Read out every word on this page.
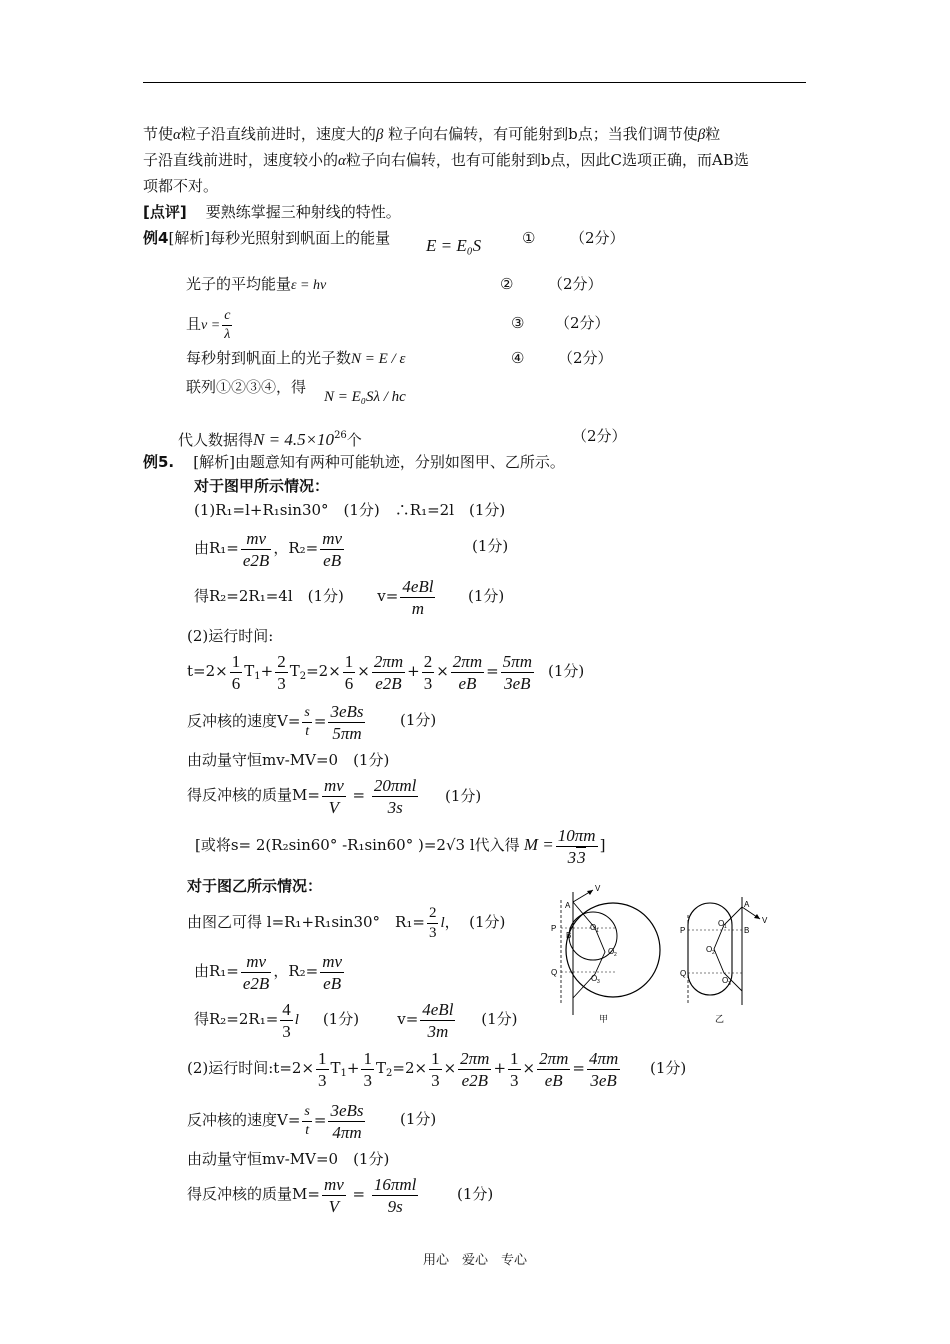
节使α粒子沿直线前进时，速度大的β 粒子向右偏转，有可能射到b点；当我们调节使β粒
子沿直线前进时，速度较小的α粒子向右偏转，也有可能射到b点，因此C选项正确，而AB选
项都不对。
[点评] 要熟练掌握三种射线的特性。
例4[解析]每秒光照射到帆面上的能量 E = E₀S	① （2分）
光子的平均能量ε = hν	② （2分）
且$\nu = \frac{c}{\lambda}$	③ （2分）
每秒射到帆面上的光子数N = E / ε	④ （2分）
联列①②③④，得
N = E₀Sλ / hc
代人数据得$N = 4.5\times 10^{26}$个	（2分）
例5. [解析]由题意知有两种可能轨迹，分别如图甲、乙所示。
对于图甲所示情况：
(1)R₁=l+R₁sin30°　(1分)　∴R₁=2l　(1分)
由$R_1= \frac{mv}{e2B}$ ，$R_2= \frac{mv}{eB}$	(1分)
得R₂=2R₁=4l　(1分) $v= \frac{\text{4eBl}}{m} (1$分)
(2)运行时间:
$t=2\times \frac{1}{6} T_1+ \frac{2}{3} T_2=2\times \frac{1}{6} \times \frac{2\pi m}{e2B} + \frac{2}{3} \times \frac{2\pi m}{eB} = \frac{5\pi m}{3eB} (1$分)
反冲核的速度$V= \frac{s}{t} = \frac{\text{3eBs}}{5\pi m} (1$分)
由动量守恒mv-MV=0　(1分)
得反冲核的质量$M= \frac{mv}{V} = \frac{\text{20πml}}{3s} (1$分)
[或将s= 2(R₂sin60° -R₁sin60° )=2√3 l代入得 $M = \frac{10\pi m}{33}$ ]
对于图乙所示情况：
由图乙可得 l=R₁+R₁sin30°　$R_1= \frac{2}{3}$ l，  (1分)
由$R_1= \frac{mv}{e2B}$ ，$R_2= \frac{mv}{eB}$
得$R_2=2R_1= \frac{4}{3}$ l (1分)	$v= \frac{\text{4eBl}}{3m} (1$分)
(2)运行时间:t=2× $\frac{1}{3} T_1+ \frac{1}{3} T_2=2\times \frac{1}{3} \times \frac{2\pi m}{e2B} + \frac{1}{3} \times \frac{2\pi m}{eB} = \frac{4\pi m}{3eB} (1$分)
反冲核的速度$V= \frac{s}{t} = \frac{\text{3eBs}}{4\pi m} (1$分)
由动量守恒mv-MV=0　(1分)
得反冲核的质量$M= \frac{mv}{V} = \frac{\text{16πml}}{9s}$	(1分)
A
V
P
B
Q
O 1
O 2
O 3
甲
A
V
P	B
Q
O 1
O 2
O 3
乙
用心　爱心　专心
